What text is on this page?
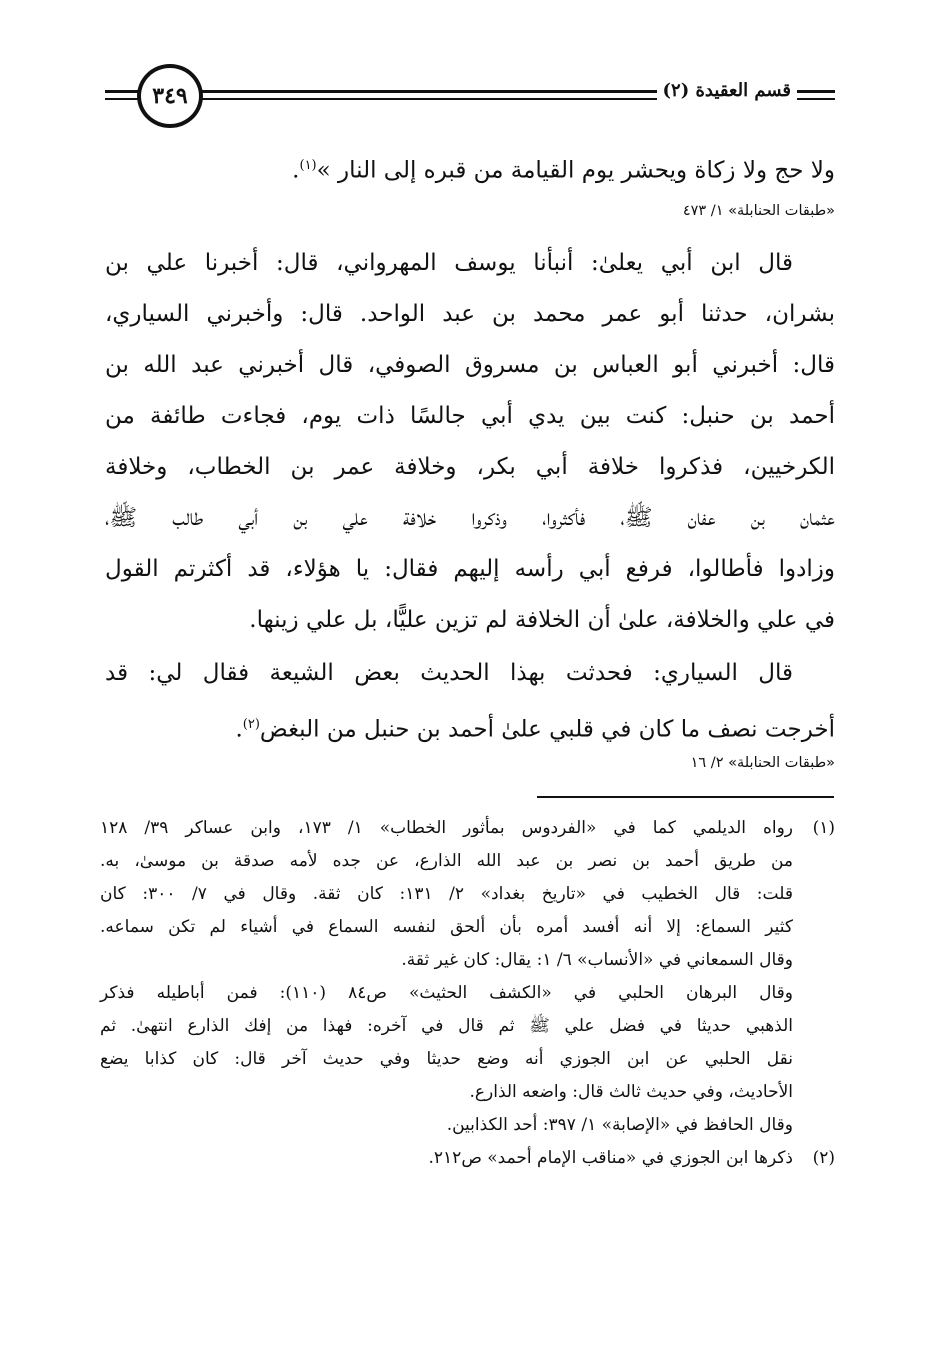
٣٤٩	قسم العقيدة (٢)
ولا حج ولا زكاة ويحشر يوم القيامة من قبره إلى النار »$^{(١)}$.
«طبقات الحنابلة» ١/ ٤٧٣
قال ابن أبي يعلىٰ: أنبأنا يوسف المهرواني، قال: أخبرنا علي بن
بشران، حدثنا أبو عمر محمد بن عبد الواحد. قال: وأخبرني السياري،
قال: أخبرني أبو العباس بن مسروق الصوفي، قال أخبرني عبد الله بن
أحمد بن حنبل: كنت بين يدي أبي جالسًا ذات يوم، فجاءت طائفة من
الكرخيين، فذكروا خلافة أبي بكر، وخلافة عمر بن الخطاب، وخلافة
عثمان بن عفان ﷺ، فأكثروا، وذكروا خلافة علي بن أبي طالب ﷺ،
وزادوا فأطالوا، فرفع أبي رأسه إليهم فقال: يا هؤلاء، قد أكثرتم القول
في علي والخلافة، علىٰ أن الخلافة لم تزين عليًّا، بل علي زينها.
قال السياري: فحدثت بهذا الحديث بعض الشيعة فقال لي: قد
أخرجت نصف ما كان في قلبي علىٰ أحمد بن حنبل من البغض$^{(٢)}$.
«طبقات الحنابلة» ٢/ ١٦
(١)
رواه الديلمي كما في «الفردوس بمأثور الخطاب» ١/ ١٧٣، وابن عساكر ٣٩/ ١٢٨
من طريق أحمد بن نصر بن عبد الله الذارع، عن جده لأمه صدقة بن موسىٰ، به.
قلت: قال الخطيب في «تاريخ بغداد» ٢/ ١٣١: كان ثقة. وقال في ٧/ ٣٠٠: كان
كثير السماع: إلا أنه أفسد أمره بأن ألحق لنفسه السماع في أشياء لم تكن سماعه.
وقال السمعاني في «الأنساب» ٦/ ١: يقال: كان غير ثقة.
وقال البرهان الحلبي في «الكشف الحثيث» ص٨٤ (١١٠): فمن أباطيله فذكر
الذهبي حديثا في فضل علي ﷺ ثم قال في آخره: فهذا من إفك الذارع انتهىٰ. ثم
نقل الحلبي عن ابن الجوزي أنه وضع حديثا وفي حديث آخر قال: كان كذابا يضع
الأحاديث، وفي حديث ثالث قال: واضعه الذارع.
وقال الحافظ في «الإصابة» ١/ ٣٩٧: أحد الكذابين.
(٢)
ذكرها ابن الجوزي في «مناقب الإمام أحمد» ص٢١٢.
